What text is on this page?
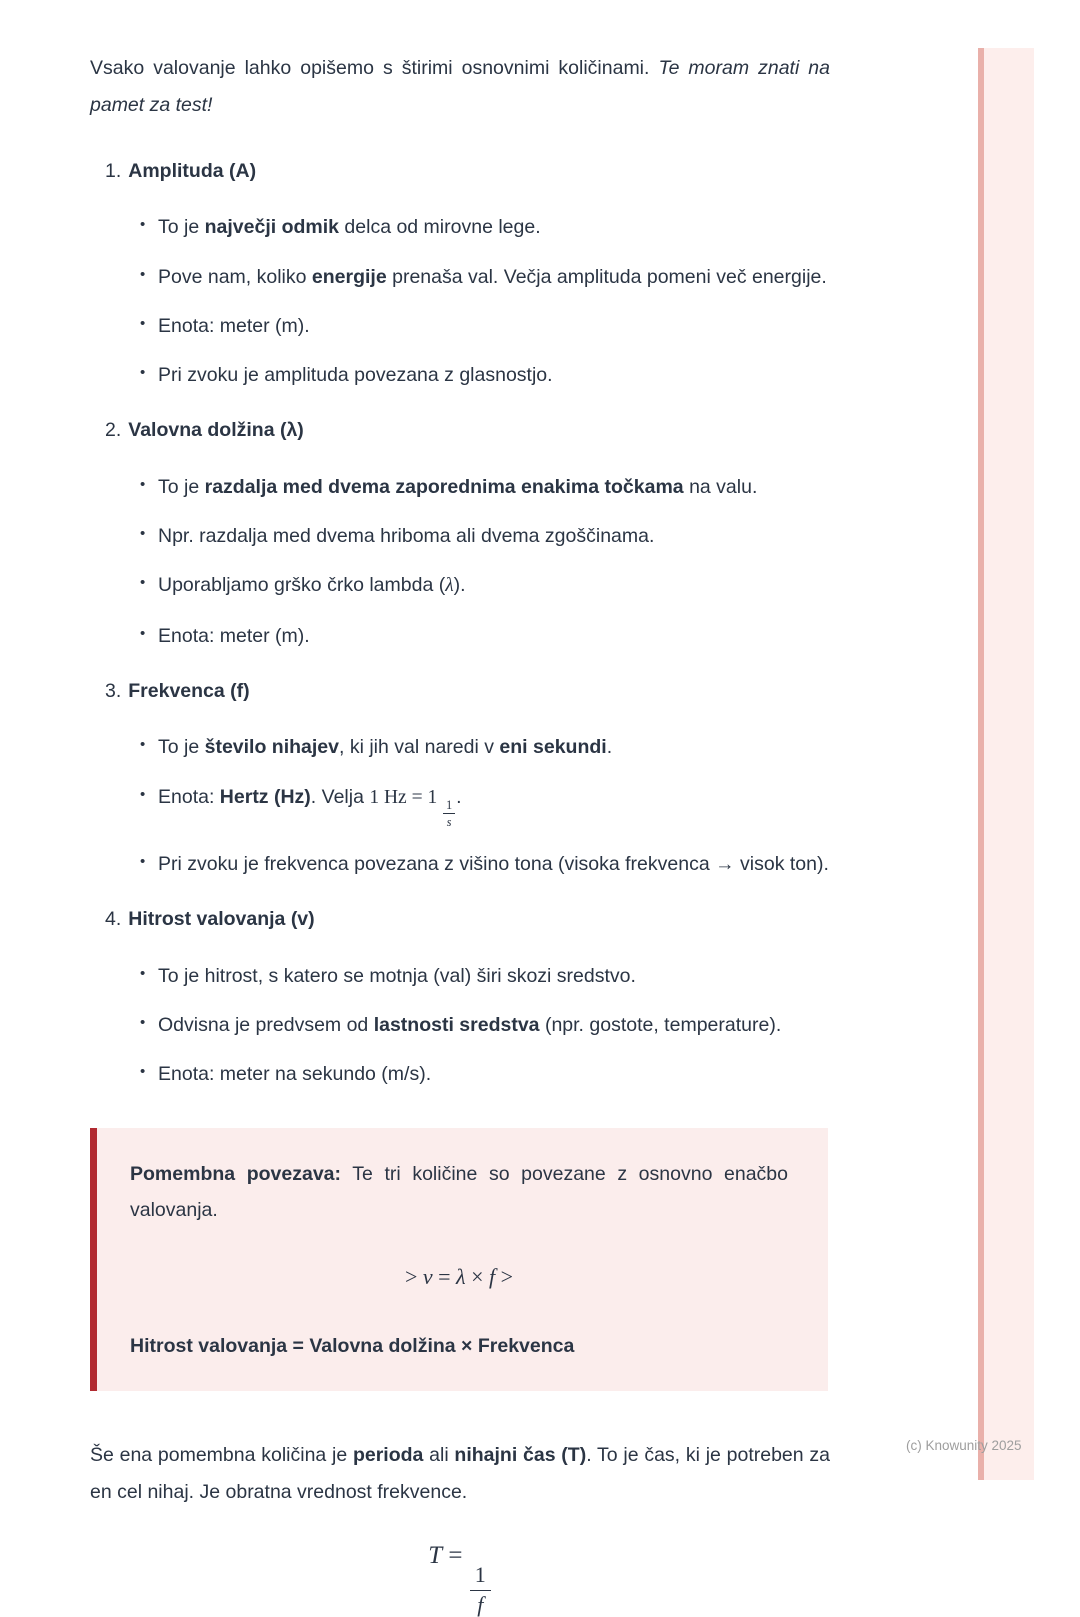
(c) Knowunity 2025

Vsako valovanje lahko opišemo s štirimi osnovnimi količinami. Te moram znati na pamet za test!

1. Amplituda (A)
• To je največji odmik delca od mirovne lege.
• Pove nam, koliko energije prenaša val. Večja amplituda pomeni več energije.
• Enota: meter (m).
• Pri zvoku je amplituda povezana z glasnostjo.
2. Valovna dolžina (λ)
• To je razdalja med dvema zaporednima enakima točkama na valu.
• Npr. razdalja med dvema hriboma ali dvema zgoščinama.
• Uporabljamo grško črko lambda (λ).
• Enota: meter (m).
3. Frekvenca (f)
• To je število nihajev, ki jih val naredi v eni sekundi.
• Enota: Hertz (Hz). Velja 1 Hz = 1
$\frac{1}{s}$
.
• Pri zvoku je frekvenca povezana z višino tona (visoka frekvenca → visok ton).
4. Hitrost valovanja (v)
• To je hitrost, s katero se motnja (val) širi skozi sredstvo.
• Odvisna je predvsem od lastnosti sredstva (npr. gostote, temperature).
• Enota: meter na sekundo (m/s).

Pomembna povezava: Te tri količine so povezane z osnovno enačbo valovanja.

> v = λ × f >

Hitrost valovanja = Valovna dolžina × Frekvenca

Še ena pomembna količina je perioda ali nihajni čas (T). To je čas, ki je potreben za en cel nihaj. Je obratna vrednost frekvence.

T =
$\frac{1}{f}$
